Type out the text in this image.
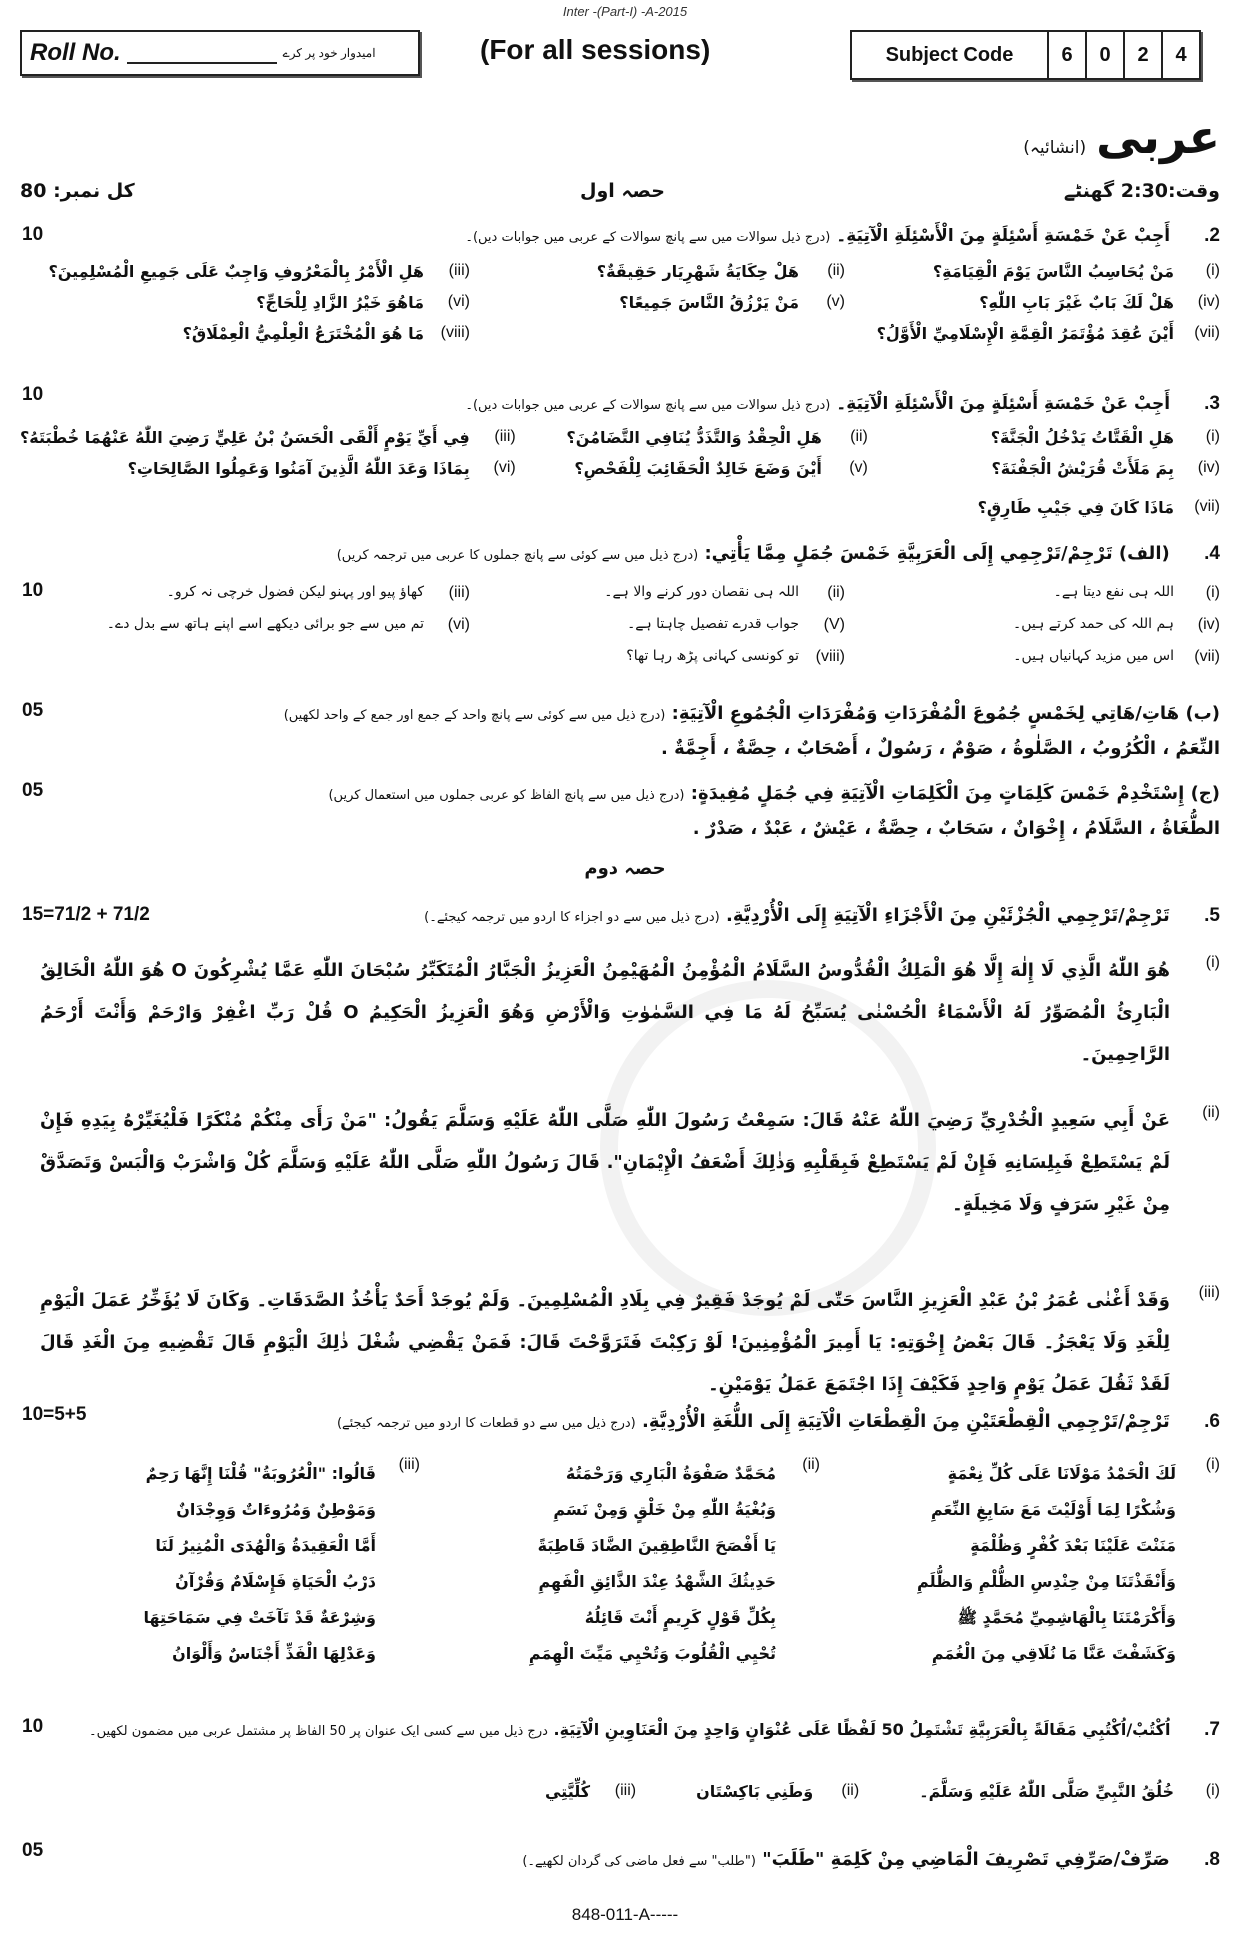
Inter -(Part-I) -A-2015
Roll No.	امیدوار خود پر کرے	(For all sessions)	Subject Code	6	0	2	4
عربی
(انشائیہ)
وقت:2:30 گھنٹے
حصہ اول
کل نمبر: 80
2. أَجِبْ عَنْ خَمْسَةِ أَسْئِلَةٍ مِنَ الْأَسْئِلَةِ الْآتِيَةِ۔ (درج ذیل سوالات میں سے پانچ سوالات کے عربی میں جوابات دیں)۔
10
(i)
مَنْ يُحَاسِبُ النَّاسَ يَوْمَ الْقِيَامَةِ؟
(ii)
هَلْ حِكَايَةُ شَهْرِيَار حَقِيقَةٌ؟
(iii)
هَلِ الْأَمْرُ بِالْمَعْرُوفِ وَاجِبٌ عَلَى جَمِيعِ الْمُسْلِمِينَ؟
(iv)
هَلْ لَكَ بَابٌ غَيْرَ بَابِ اللّٰهِ؟
(v)
مَنْ يَرْزُقُ النَّاسَ جَمِيعًا؟
(vi)
مَاهُوَ خَيْرُ الزَّادِ لِلْحَاجِّ؟
(vii)
أَيْنَ عُقِدَ مُؤْتَمَرُ الْقِمَّةِ الْإِسْلَامِيِّ الْأَوَّلُ؟
(viii)
مَا هُوَ الْمُخْتَرَعُ الْعِلْمِيُّ الْعِمْلَاقُ؟
3. أَجِبْ عَنْ خَمْسَةِ أَسْئِلَةٍ مِنَ الْأَسْئِلَةِ الْآتِيَةِ۔ (درج ذیل سوالات میں سے پانچ سوالات کے عربی میں جوابات دیں)۔
10
(i)
هَلِ الْقَتَّاتُ يَدْخُلُ الْجَنَّةَ؟
(ii)
هَلِ الْحِقْدُ وَالتَّذَدُّ يُنَافِي التَّضَامُنَ؟
(iii)
فِي أَيِّ يَوْمٍ أَلْقَى الْحَسَنُ بْنُ عَلِيٍّ رَضِيَ اللّٰهُ عَنْهُمَا خُطْبَتَهُ؟
(iv)
بِمَ مَلَأَتْ قُرَيْشُ الْجَفْنَةَ؟
(v)
أَيْنَ وَضَعَ خَالِدٌ الْحَقَائِبَ لِلْفَحْصِ؟
(vi)
بِمَاذَا وَعَدَ اللّٰهُ الَّذِينَ آمَنُوا وَعَمِلُوا الصَّالِحَاتِ؟
(vii)
مَاذَا كَانَ فِي جَيْبِ طَارِقٍ؟
4. (الف) تَرْجِمْ/تَرْجِمِي إِلَى الْعَرَبِيَّةِ خَمْسَ جُمَلٍ مِمَّا يَأْتِي: (درج ذیل میں سے کوئی سے پانچ جملوں کا عربی میں ترجمہ کریں)
10	(i)
اللہ ہی نفع دیتا ہے۔
(ii)
اللہ ہی نقصان دور کرنے والا ہے۔
(iii)
کھاؤ پیو اور پہنو لیکن فضول خرچی نہ کرو۔
(iv)
ہم اللہ کی حمد کرتے ہیں۔
(V)
جواب قدرے تفصیل چاہتا ہے۔
(vi)
تم میں سے جو برائی دیکھے اسے اپنے ہاتھ سے بدل دے۔
(vii)
اس میں مزید کہانیاں ہیں۔
(viii)
تو کونسی کہانی پڑھ رہا تھا؟
(ب) هَاتِ/هَاتِي لِخَمْسٍ جُمُوعَ الْمُفْرَدَاتِ وَمُفْرَدَاتِ الْجُمُوعِ الْآتِيَةِ: (درج ذیل میں سے کوئی سے پانچ واحد کے جمع اور جمع کے واحد لکھیں)
05
النِّعَمُ ، الْكُرُوبُ ، الصَّلٰوةُ ، صَوْمٌ ، رَسُولٌ ، أَصْحَابٌ ، حِصَّةٌ ، أَجِمَّةٌ .
(ج) إِسْتَخْدِمْ خَمْسَ كَلِمَاتٍ مِنَ الْكَلِمَاتِ الْآتِيَةِ فِي جُمَلٍ مُفِيدَةٍ: (درج ذیل میں سے پانچ الفاظ کو عربی جملوں میں استعمال کریں)
05
الطُّغَاةُ ، السَّلَامُ ، إِخْوَانٌ ، سَحَابٌ ، حِصَّةٌ ، عَيْشٌ ، عَبْدٌ ، صَدْرٌ .
حصہ دوم
5. تَرْجِمْ/تَرْجِمِي الْجُزْئَيْنِ مِنَ الْأَجْزَاءِ الْآتِيَةِ إِلَى الْأُرْدِيَّةِ. (درج ذیل میں سے دو اجزاء کا اردو میں ترجمہ کیجئے۔)
15=71/2 + 71/2
(i)

هُوَ اللّٰهُ الَّذِي لَا إِلٰهَ إِلَّا هُوَ الْمَلِكُ الْقُدُّوسُ السَّلَامُ الْمُؤْمِنُ الْمُهَيْمِنُ الْعَزِيزُ الْجَبَّارُ الْمُتَكَبِّرُ سُبْحَانَ اللّٰهِ عَمَّا يُشْرِكُونَ O هُوَ اللّٰهُ الْخَالِقُ الْبَارِئُ الْمُصَوِّرُ لَهُ الْأَسْمَاءُ الْحُسْنٰى يُسَبِّحُ لَهُ مَا فِي السَّمٰوٰتِ وَالْأَرْضِ وَهُوَ الْعَزِيزُ الْحَكِيمُ O قُلْ رَبِّ اغْفِرْ وَارْحَمْ وَأَنْتَ أَرْحَمُ الرَّاحِمِينَ۔

(ii)

عَنْ أَبِي سَعِيدٍ الْخُدْرِيِّ رَضِيَ اللّٰهُ عَنْهُ قَالَ: سَمِعْتُ رَسُولَ اللّٰهِ صَلَّى اللّٰهُ عَلَيْهِ وَسَلَّمَ يَقُولُ: "مَنْ رَأَى مِنْكُمْ مُنْكَرًا فَلْيُغَيِّرْهُ بِيَدِهِ فَإِنْ لَمْ يَسْتَطِعْ فَبِلِسَانِهِ فَإِنْ لَمْ يَسْتَطِعْ فَبِقَلْبِهِ وَذٰلِكَ أَضْعَفُ الْإِيْمَانِ". قَالَ رَسُولُ اللّٰهِ صَلَّى اللّٰهُ عَلَيْهِ وَسَلَّمَ كُلْ وَاشْرَبْ وَالْبَسْ وَتَصَدَّقْ مِنْ غَيْرِ سَرَفٍ وَلَا مَخِيلَةٍ۔

(iii)

وَقَدْ أَغْنٰى عُمَرُ بْنُ عَبْدِ الْعَزِيزِ النَّاسَ حَتّٰى لَمْ يُوجَدْ فَقِيرٌ فِي بِلَادِ الْمُسْلِمِينَ۔ وَلَمْ يُوجَدْ أَحَدٌ يَأْخُذُ الصَّدَقَاتِ۔ وَكَانَ لَا يُؤَخِّرُ عَمَلَ الْيَوْمِ لِلْغَدِ وَلَا يَعْجَزُ۔ قَالَ بَعْضُ إِخْوَتِهِ: يَا أَمِيرَ الْمُؤْمِنِينَ! لَوْ رَكِبْتَ فَتَرَوَّحْتَ قَالَ: فَمَنْ يَقْضِي شُغْلَ ذٰلِكَ الْيَوْمِ قَالَ تَقْضِيهِ مِنَ الْغَدِ قَالَ لَقَدْ ثَقُلَ عَمَلُ يَوْمٍ وَاحِدٍ فَكَيْفَ إِذَا اجْتَمَعَ عَمَلُ يَوْمَيْنِ۔

6. تَرْجِمْ/تَرْجِمِي الْقِطْعَتَيْنِ مِنَ الْقِطْعَاتِ الْآتِيَةِ إِلَى اللُّغَةِ الْأُرْدِيَّةِ. (درج ذیل میں سے دو قطعات کا اردو میں ترجمہ کیجئے)
10=5+5
(i)
لَكَ الْحَمْدُ مَوْلَانَا عَلَى كُلِّ نِعْمَةٍ
وَشُكْرًا لِمَا أَوْلَيْتَ مَعَ سَابِغِ النِّعَمِ
مَنَنْتَ عَلَيْنَا بَعْدَ كُفْرٍ وَظُلْمَةٍ
وَأَنْقَذْتَنَا مِنْ حِنْدِسِ الظُّلْمِ وَالظُّلَمِ
وَأَكْرَمْتَنَا بِالْهَاشِمِيِّ مُحَمَّدٍ ﷺ
وَكَشَفْتَ عَنَّا مَا نُلَاقِي مِنَ الْغُمَمِ
(ii)
مُحَمَّدٌ صَفْوَةُ الْبَارِي وَرَحْمَتُهُ
وَبُغْيَةُ اللّٰهِ مِنْ خَلْقٍ وَمِنْ نَسَمِ
يَا أَفْصَحَ النَّاطِقِينَ الضَّادَ قَاطِبَةً
حَدِيثُكَ الشَّهْدُ عِنْدَ الذَّائِقِ الْفَهِمِ
بِكُلِّ قَوْلٍ كَرِيمٍ أَنْتَ قَائِلُهُ
تُحْيِي الْقُلُوبَ وَتُحْيِي مَيِّتَ الْهِمَمِ
(iii)
قَالُوا: "الْعُرُوبَةُ" قُلْنَا إِنَّهَا رَحِمٌ
وَمَوْطِنٌ وَمُرُوءَاتٌ وَوِجْدَانٌ
أَمَّا الْعَقِيدَةُ وَالْهُدَى الْمُنِيرُ لَنَا
دَرْبُ الْحَيَاةِ فَإِسْلَامٌ وَقُرْآنُ
وَشِرْعَةٌ قَدْ تَآخَتْ فِي سَمَاحَتِهَا
وَعَدْلِهَا الْفَذِّ أَجْنَاسٌ وَأَلْوَانُ
7. اُكْتُبْ/اُكْتُبِي مَقَالَةً بِالْعَرَبِيَّةِ تَشْتَمِلُ 50 لَفْظًا عَلَى عُنْوَانٍ وَاحِدٍ مِنَ الْعَنَاوِينِ الْآتِيَةِ. درج ذیل میں سے کسی ایک عنوان پر 50 الفاظ پر مشتمل عربی میں مضمون لکھیں۔
10
(i)
خُلُقُ النَّبِيِّ صَلَّى اللّٰهُ عَلَيْهِ وَسَلَّمَ۔
(ii)
وَطَنِي بَاكِسْتَان
(iii)
كُلِّيَّتِي
8. صَرِّفْ/صَرِّفِي تَصْرِيفَ الْمَاضِي مِنْ كَلِمَةِ "طَلَبَ" ("طلب" سے فعل ماضی کی گردان لکھیے۔)
05
848-011-A-----
